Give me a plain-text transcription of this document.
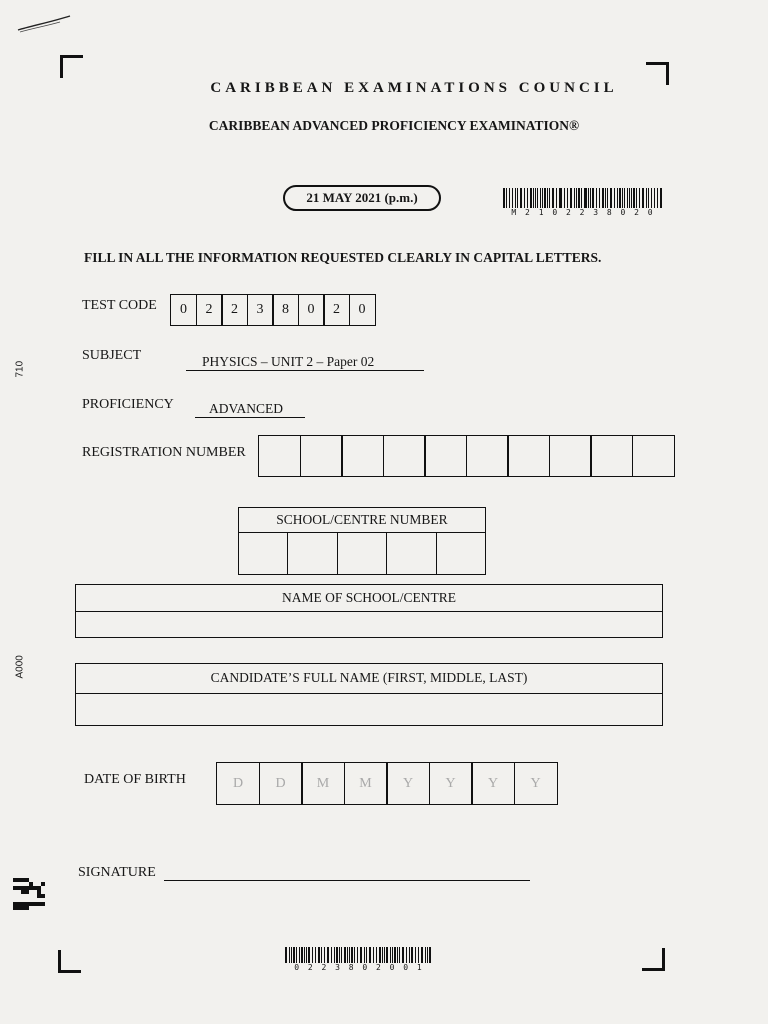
710
A000
CARIBBEAN EXAMINATIONS COUNCIL
CARIBBEAN ADVANCED PROFICIENCY EXAMINATION®
21 MAY 2021 (p.m.)
M 2 1 0 2 2 3 8 0 2 0
FILL IN ALL THE INFORMATION REQUESTED CLEARLY IN CAPITAL LETTERS.
TEST CODE	0	2	2	3	8	0	2	0
SUBJECT	PHYSICS – UNIT 2 – Paper 02
PROFICIENCY	ADVANCED
REGISTRATION NUMBER
SCHOOL/CENTRE NUMBER
NAME OF SCHOOL/CENTRE
CANDIDATE’S FULL NAME (FIRST, MIDDLE, LAST)
DATE OF BIRTH	D	D	M	M	Y	Y	Y	Y
SIGNATURE
0 2 2 3 8 0 2 0 0 1
